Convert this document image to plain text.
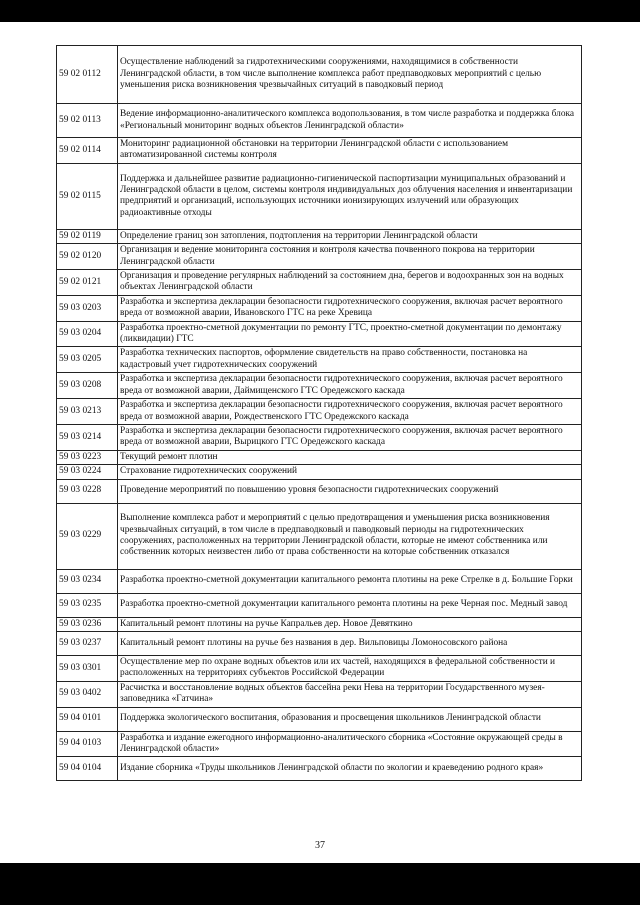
59 02 0112	Осуществление наблюдений за гидротехническими сооружениями, находящимися в собственности Ленинградской области, в том числе выполнение комплекса работ предпаводковых мероприятий с целью уменьшения риска возникновения чрезвычайных ситуаций в паводковый период
59 02 0113	Ведение информационно-аналитического комплекса водопользования, в том числе разработка и поддержка блока «Региональный мониторинг водных объектов Ленинградской области»
59 02 0114	Мониторинг радиационной обстановки на территории Ленинградской области с использованием автоматизированной системы контроля
59 02 0115	Поддержка и дальнейшее развитие радиационно-гигиенической паспортизации муниципальных образований и Ленинградской области в целом, системы контроля индивидуальных доз облучения населения и инвентаризации предприятий и организаций, использующих источники ионизирующих излучений или образующих радиоактивные отходы
59 02 0119	Определение границ зон затопления, подтопления на территории Ленинградской области
59 02 0120	Организация и ведение мониторинга состояния и контроля качества почвенного покрова на территории Ленинградской области
59 02 0121	Организация и проведение регулярных наблюдений за состоянием дна, берегов и водоохранных зон на водных объектах Ленинградской области
59 03 0203	Разработка и экспертиза декларации безопасности гидротехнического сооружения, включая расчет вероятного вреда от возможной аварии, Ивановского ГТС на реке Хревица
59 03 0204	Разработка проектно-сметной документации по ремонту ГТС, проектно-сметной документации по демонтажу (ликвидации) ГТС
59 03 0205	Разработка технических паспортов, оформление свидетельств на право собственности, постановка на кадастровый учет гидротехнических сооружений
59 03 0208	Разработка и экспертиза декларации безопасности гидротехнического сооружения, включая расчет вероятного вреда от возможной аварии, Даймищенского ГТС Оредежского каскада
59 03 0213	Разработка и экспертиза декларации безопасности гидротехнического сооружения, включая расчет вероятного вреда от возможной аварии, Рождественского ГТС Оредежского каскада
59 03 0214	Разработка и экспертиза декларации безопасности гидротехнического сооружения, включая расчет вероятного вреда от возможной аварии, Вырицкого ГТС Оредежского каскада
59 03 0223	Текущий ремонт плотин
59 03 0224	Страхование гидротехнических сооружений
59 03 0228	Проведение мероприятий по повышению уровня безопасности гидротехнических сооружений
59 03 0229	Выполнение комплекса работ и мероприятий с целью предотвращения и уменьшения риска возникновения чрезвычайных ситуаций, в том числе в предпаводковый и паводковый периоды на гидротехнических сооружениях, расположенных на территории Ленинградской области, которые не имеют собственника или собственник которых неизвестен либо от права собственности на которые собственник отказался
59 03 0234	Разработка проектно-сметной документации капитального ремонта плотины на реке Стрелке в д. Большие Горки
59 03 0235	Разработка проектно-сметной документации капитального ремонта плотины на реке Черная пос. Медный завод
59 03 0236	Капитальный ремонт плотины на ручье Капральев дер. Новое Девяткино
59 03 0237	Капитальный ремонт плотины на ручье без названия в дер. Вильповицы Ломоносовского района
59 03 0301	Осуществление мер по охране водных объектов или их частей, находящихся в федеральной собственности и расположенных на территориях субъектов Российской Федерации
59 03 0402	Расчистка и восстановление водных объектов бассейна реки Нева на территории Государственного музея-заповедника «Гатчина»
59 04 0101	Поддержка экологического воспитания, образования и просвещения школьников Ленинградской области
59 04 0103	Разработка и издание ежегодного информационно-аналитического сборника «Состояние окружающей среды в Ленинградской области»
59 04 0104	Издание сборника «Труды школьников Ленинградской области по экологии и краеведению родного края»
37
